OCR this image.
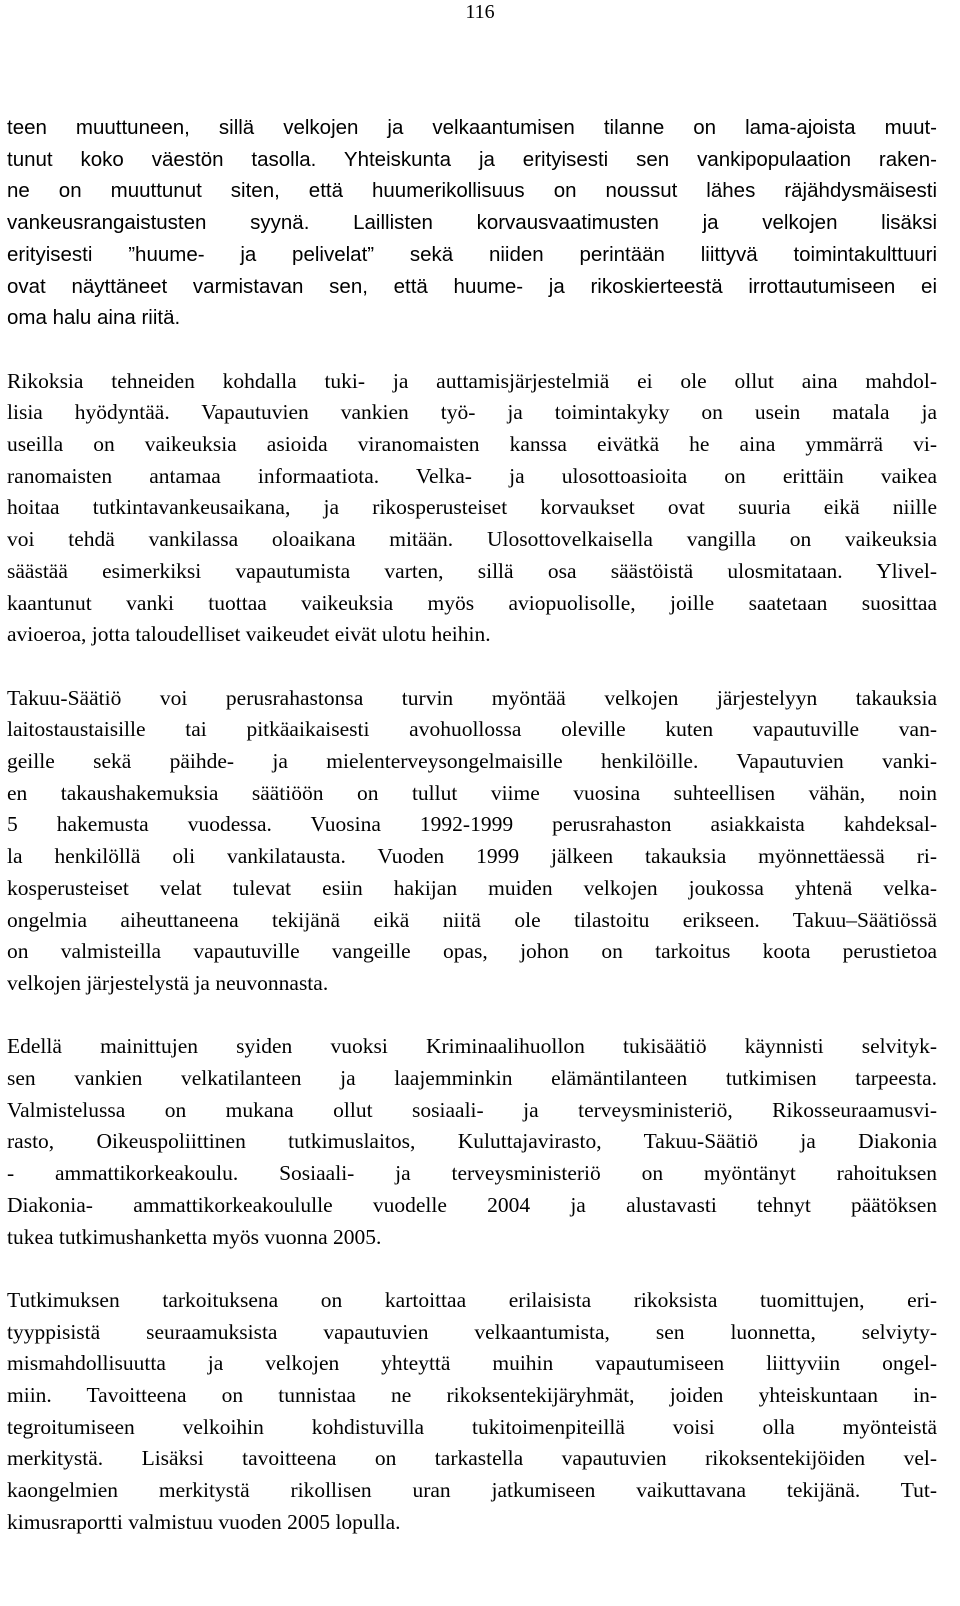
116

teen muuttuneen, sillä velkojen ja velkaantumisen tilanne on lama-ajoista muut-
tunut koko väestön tasolla. Yhteiskunta ja erityisesti sen vankipopulaation raken-
ne on muuttunut siten, että huumerikollisuus on noussut lähes räjähdysmäisesti
vankeusrangaistusten syynä. Laillisten korvausvaatimusten ja velkojen lisäksi
erityisesti ”huume- ja pelivelat” sekä niiden perintään liittyvä toimintakulttuuri
ovat näyttäneet varmistavan sen, että huume- ja rikoskierteestä irrottautumiseen ei
oma halu aina riitä.

Rikoksia tehneiden kohdalla tuki- ja auttamisjärjestelmiä ei ole ollut aina mahdol-
lisia hyödyntää. Vapautuvien vankien työ- ja toimintakyky on usein matala ja
useilla on vaikeuksia asioida viranomaisten kanssa eivätkä he aina ymmärrä vi-
ranomaisten antamaa informaatiota. Velka- ja ulosottoasioita on erittäin vaikea
hoitaa tutkintavankeusaikana, ja rikosperusteiset korvaukset ovat suuria eikä niille
voi tehdä vankilassa oloaikana mitään. Ulosottovelkaisella vangilla on vaikeuksia
säästää esimerkiksi vapautumista varten, sillä osa säästöistä ulosmitataan. Ylivel-
kaantunut vanki tuottaa vaikeuksia myös aviopuolisolle, joille saatetaan suosittaa
avioeroa, jotta taloudelliset vaikeudet eivät ulotu heihin.

Takuu-Säätiö voi perusrahastonsa turvin myöntää velkojen järjestelyyn takauksia
laitostaustaisille tai pitkäaikaisesti avohuollossa oleville kuten vapautuville van-
geille sekä päihde- ja mielenterveysongelmaisille henkilöille. Vapautuvien vanki-
en takaushakemuksia säätiöön on tullut viime vuosina suhteellisen vähän, noin
5 hakemusta vuodessa. Vuosina 1992-1999 perusrahaston asiakkaista kahdeksal-
la henkilöllä oli vankilatausta. Vuoden 1999 jälkeen takauksia myönnettäessä ri-
kosperusteiset velat tulevat esiin hakijan muiden velkojen joukossa yhtenä velka-
ongelmia aiheuttaneena tekijänä eikä niitä ole tilastoitu erikseen. Takuu–Säätiössä
on valmisteilla vapautuville vangeille opas, johon on tarkoitus koota perustietoa
velkojen järjestelystä ja neuvonnasta.

Edellä mainittujen syiden vuoksi Kriminaalihuollon tukisäätiö käynnisti selvityk-
sen vankien velkatilanteen ja laajemminkin elämäntilanteen tutkimisen tarpeesta.
Valmistelussa on mukana ollut sosiaali- ja terveysministeriö, Rikosseuraamusvi-
rasto, Oikeuspoliittinen tutkimuslaitos, Kuluttajavirasto, Takuu-Säätiö ja Diakonia
- ammattikorkeakoulu. Sosiaali- ja terveysministeriö on myöntänyt rahoituksen
Diakonia- ammattikorkeakoululle vuodelle 2004 ja alustavasti tehnyt päätöksen
tukea tutkimushanketta myös vuonna 2005.

Tutkimuksen tarkoituksena on kartoittaa erilaisista rikoksista tuomittujen, eri-
tyyppisistä seuraamuksista vapautuvien velkaantumista, sen luonnetta, selviyty-
mismahdollisuutta ja velkojen yhteyttä muihin vapautumiseen liittyviin ongel-
miin. Tavoitteena on tunnistaa ne rikoksentekijäryhmät, joiden yhteiskuntaan in-
tegroitumiseen velkoihin kohdistuvilla tukitoimenpiteillä voisi olla myönteistä
merkitystä. Lisäksi tavoitteena on tarkastella vapautuvien rikoksentekijöiden vel-
kaongelmien merkitystä rikollisen uran jatkumiseen vaikuttavana tekijänä. Tut-
kimusraportti valmistuu vuoden 2005 lopulla.
